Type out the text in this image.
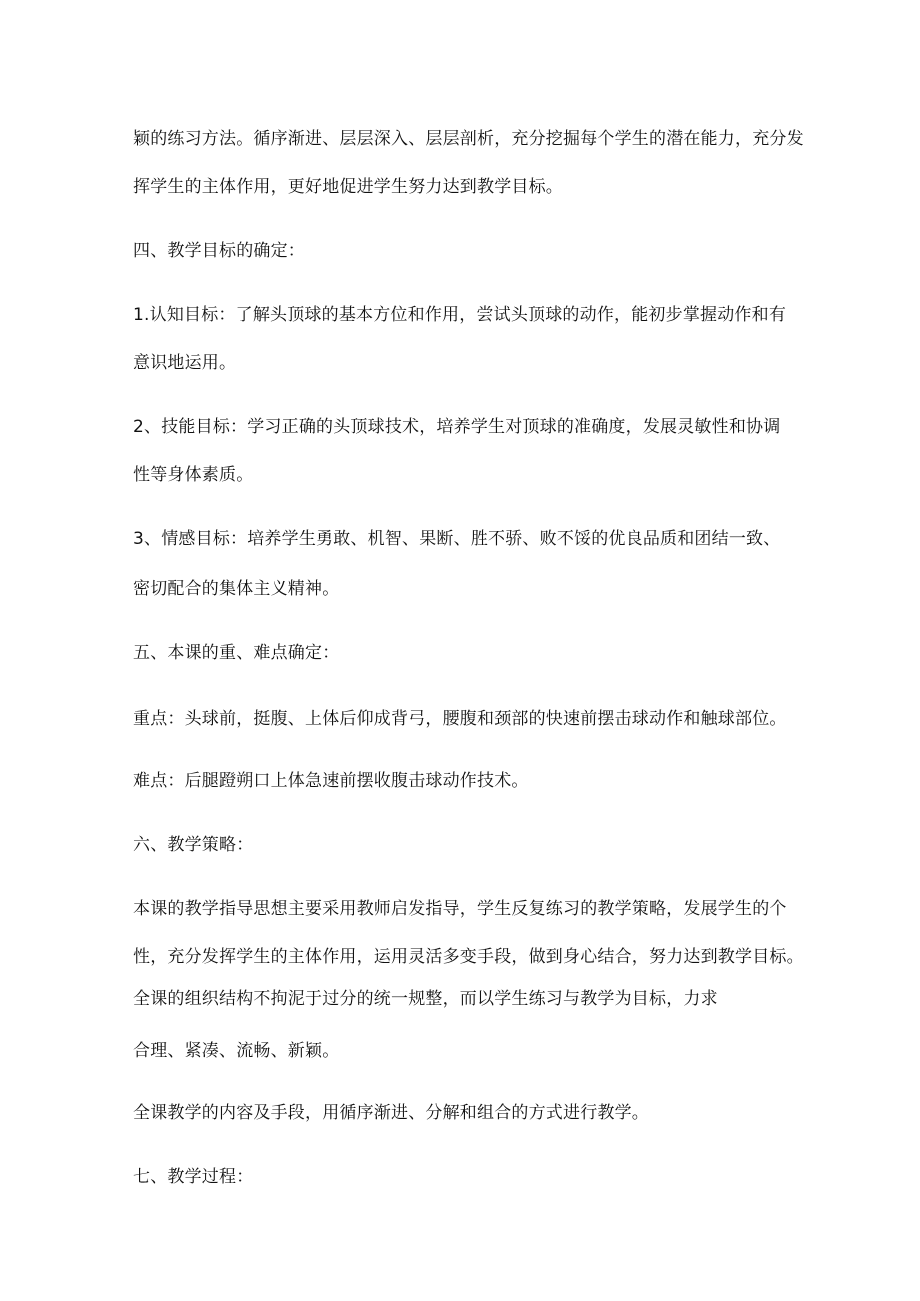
颖的练习方法。循序渐进、层层深入、层层剖析，充分挖掘每个学生的潜在能力，充分发
挥学生的主体作用，更好地促进学生努力达到教学目标。
四、教学目标的确定：
1.认知目标：了解头顶球的基本方位和作用，尝试头顶球的动作，能初步掌握动作和有
意识地运用。
2、技能目标：学习正确的头顶球技术，培养学生对顶球的准确度，发展灵敏性和协调
性等身体素质。
3、情感目标：培养学生勇敢、机智、果断、胜不骄、败不馁的优良品质和团结一致、
密切配合的集体主义精神。
五、本课的重、难点确定：
重点：头球前，挺腹、上体后仰成背弓，腰腹和颈部的快速前摆击球动作和触球部位。
难点：后腿蹬朔口上体急速前摆收腹击球动作技术。
六、教学策略：
本课的教学指导思想主要采用教师启发指导，学生反复练习的教学策略，发展学生的个
性，充分发挥学生的主体作用，运用灵活多变手段，做到身心结合，努力达到教学目标。
全课的组织结构不拘泥于过分的统一规整，而以学生练习与教学为目标，力求
合理、紧凑、流畅、新颖。
全课教学的内容及手段，用循序渐进、分解和组合的方式进行教学。
七、教学过程：
